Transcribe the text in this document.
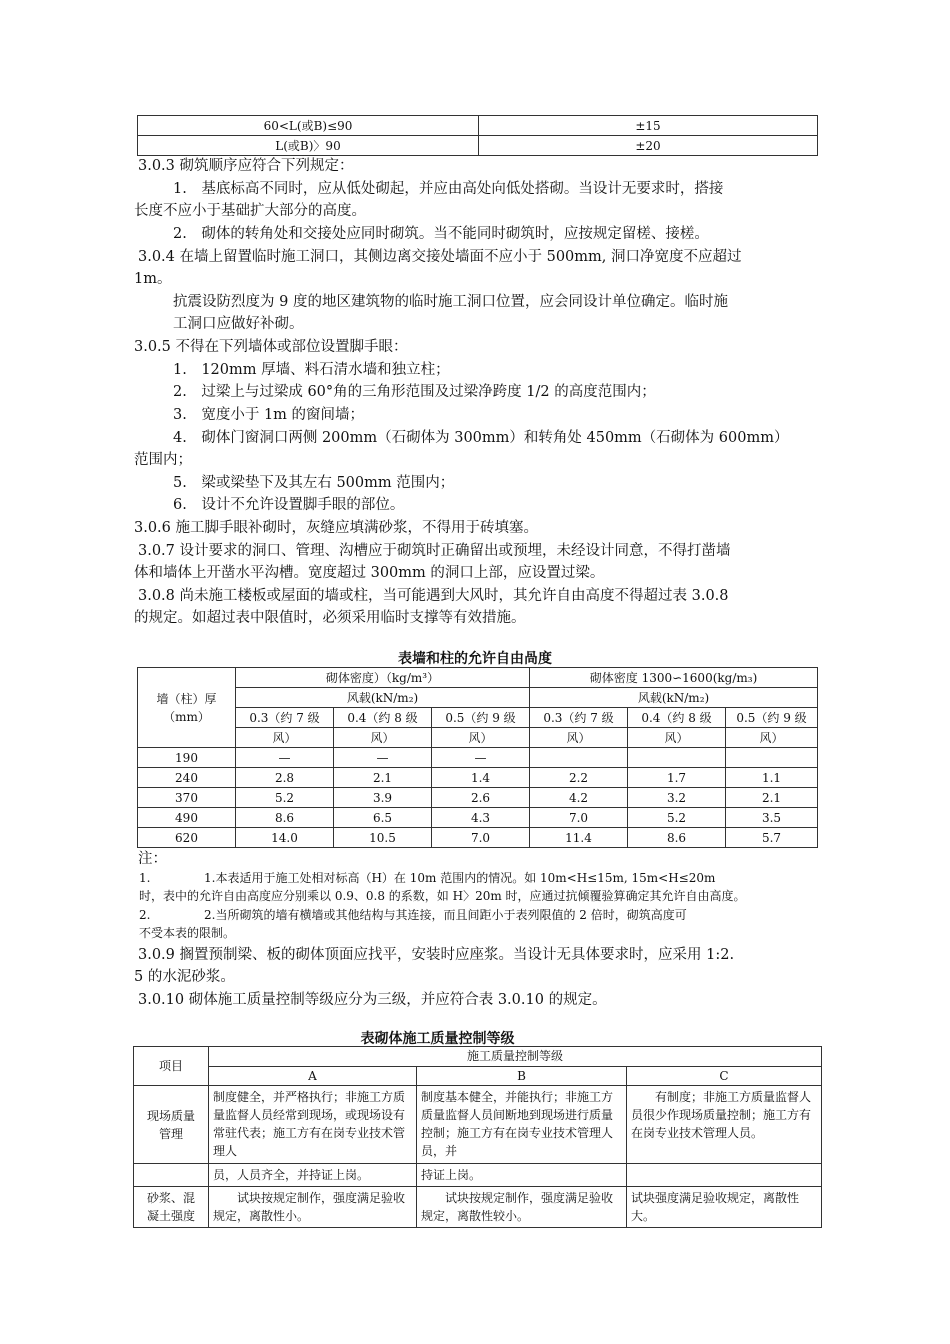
60<L(或B)≤90	±15
L(或B)〉90	±20
3.0.3 砌筑顺序应符合下列规定：
1.　基底标高不同时，应从低处砌起，并应由高处向低处搭砌。当设计无要求时，搭接
长度不应小于基础扩大部分的高度。
2.　砌体的转角处和交接处应同时砌筑。当不能同时砌筑时，应按规定留槎、接槎。
3.0.4 在墙上留置临时施工洞口，其侧边离交接处墙面不应小于 500mm, 洞口净宽度不应超过
1m。
抗震设防烈度为 9 度的地区建筑物的临时施工洞口位置，应会同设计单位确定。临时施
工洞口应做好补砌。
3.0.5 不得在下列墙体或部位设置脚手眼：
1.　120mm 厚墙、料石清水墙和独立柱；
2.　过梁上与过梁成 60°角的三角形范围及过梁净跨度 1/2 的高度范围内；
3.　宽度小于 1m 的窗间墙；
4.　砌体门窗洞口两侧 200mm（石砌体为 300mm）和转角处 450mm（石砌体为 600mm）
范围内；
5.　梁或梁垫下及其左右 500mm 范围内；
6.　设计不允许设置脚手眼的部位。
3.0.6 施工脚手眼补砌时，灰缝应填满砂浆，不得用于砖填塞。
3.0.7 设计要求的洞口、管理、沟槽应于砌筑时正确留出或预埋，未经设计同意，不得打凿墙
体和墙体上开凿水平沟槽。宽度超过 300mm 的洞口上部，应设置过梁。
3.0.8 尚未施工楼板或屋面的墙或柱，当可能遇到大风时，其允许自由高度不得超过表 3.0.8
的规定。如超过表中限值时，必须采用临时支撑等有效措施。
表墙和柱的允许自由咼度
墙（柱）厚
（mm）	砌体密度）（kg/m³）			砌体密度 1300∽1600(kg/m₃)		
	风载(kN/m₂)			风载(kN/m₂)		
	0.3（约 7 级	0.4（约 8 级	0.5（约 9 级	0.3（约 7 级	0.4（约 8 级	0.5（约 9 级
	风）	风）	风）	风）	风）	风）
190	—	—	—			
240	2.8	2.1	1.4	2.2	1.7	1.1
370	5.2	3.9	2.6	4.2	3.2	2.1
490	8.6	6.5	4.3	7.0	5.2	3.5
620	14.0	10.5	7.0	11.4	8.6	5.7
注：
1.	1.本表适用于施工处相对标高（H）在 10m 范围内的情况。如 10m<H≤15m, 15m<H≤20m
时，表中的允许自由高度应分别乘以 0.9、0.8 的系数，如 H〉20m 时，应通过抗倾覆验算确定其允许自由高度。
2.	2.当所砌筑的墙有横墙或其他结构与其连接，而且间距小于表列限值的 2 倍时，砌筑高度可
不受本表的限制。
3.0.9 搁置预制梁、板的砌体顶面应找平，安装时应座浆。当设计无具体要求时，应采用 1:2.
5 的水泥砂浆。
3.0.10 砌体施工质量控制等级应分为三级，并应符合表 3.0.10 的规定。
表砌体施工质量控制等级
项目	施工质量控制等级		
	A	B	C
现场质量管理	制度健全，并严格执行；非施工方质量监督人员经常到现场，或现场设有常驻代表；施工方有在岗专业技术管理人	制度基本健全，并能执行；非施工方质量监督人员间断地到现场进行质量控制；施工方有在岗专业技术管理人员，并	　　有制度；非施工方质量监督人员很少作现场质量控制；施工方有在岗专业技术管理人员。
	员，人员齐全，并持证上岗。	持证上岗。	
砂浆、混凝土强度	　　试块按规定制作，强度满足验收规定，离散性小。	　　试块按规定制作，强度满足验收规定，离散性较小。	试块强度满足验收规定，离散性大。
